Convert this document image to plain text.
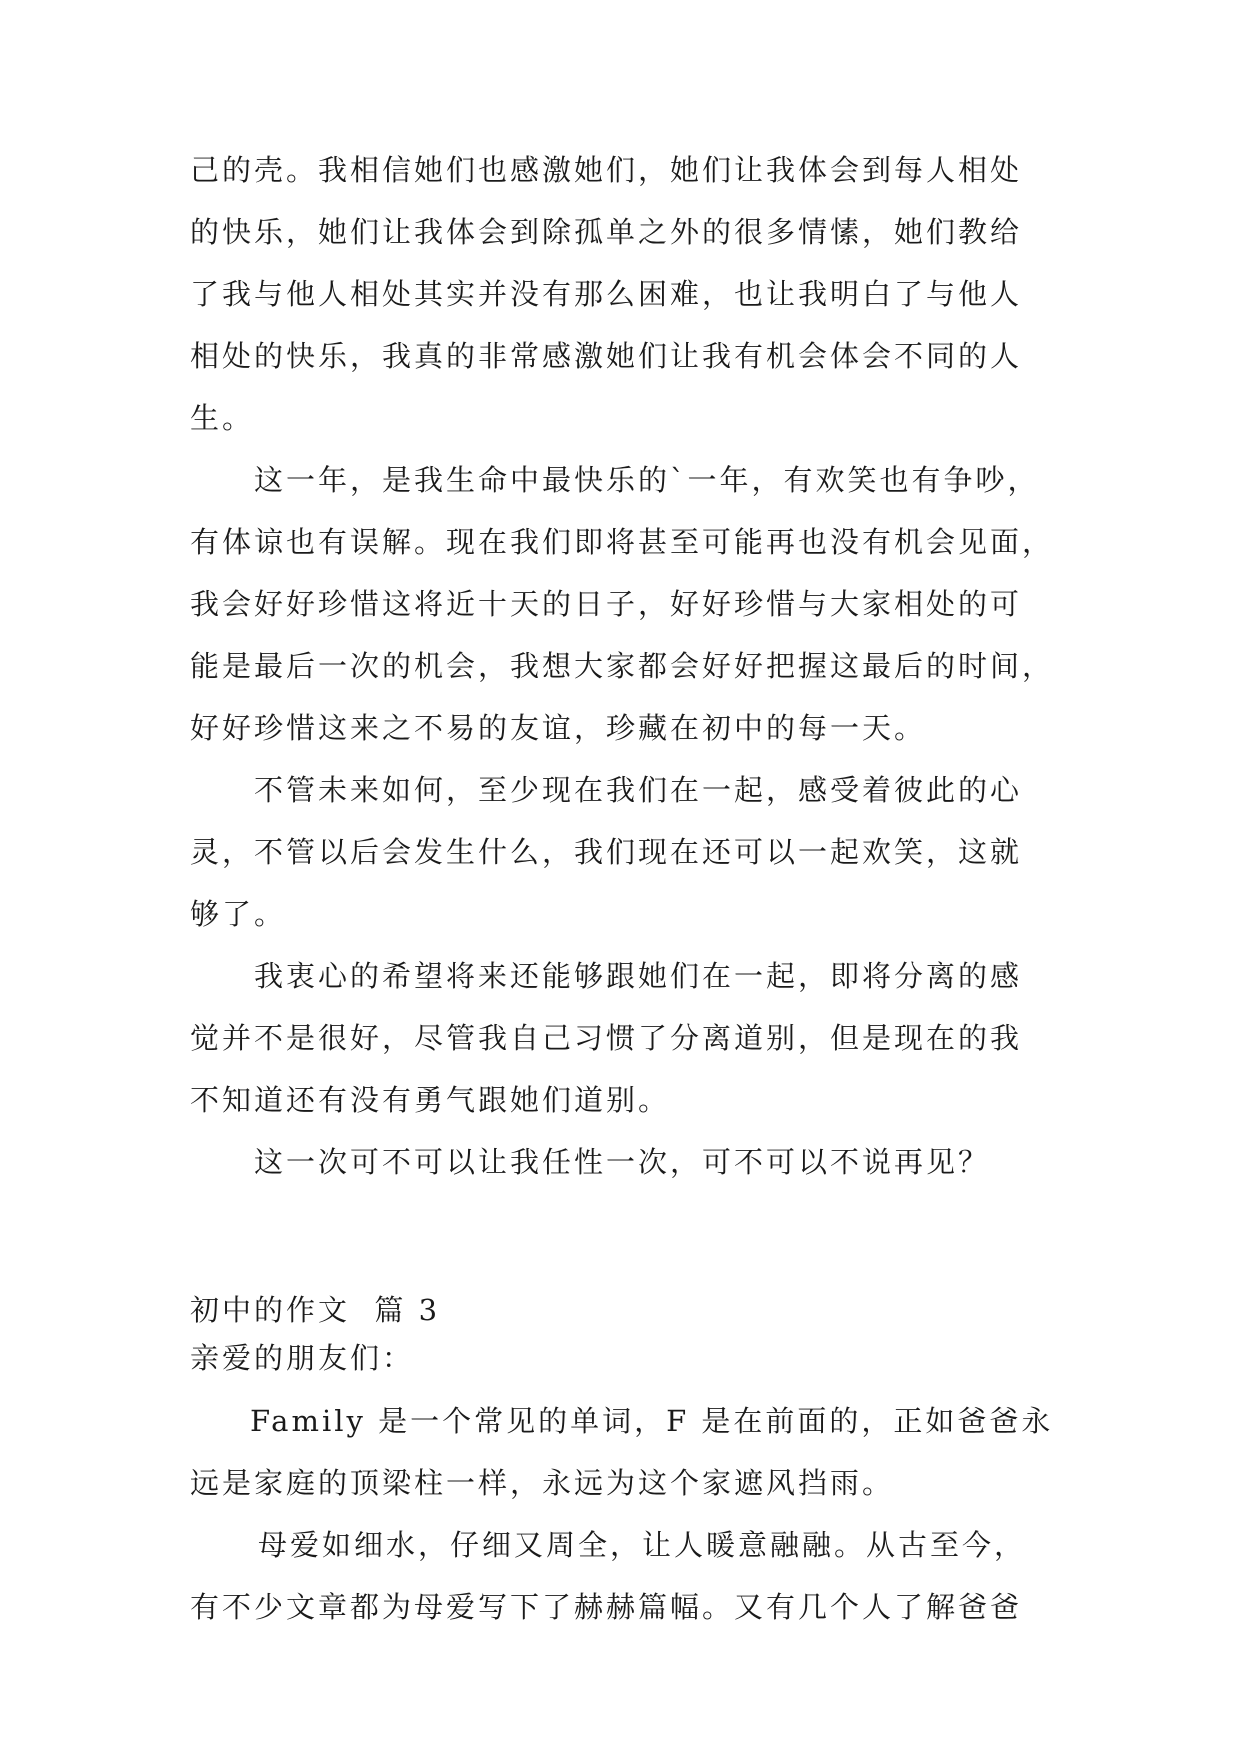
己的壳。我相信她们也感激她们，她们让我体会到每人相处
的快乐，她们让我体会到除孤单之外的很多情愫，她们教给
了我与他人相处其实并没有那么困难，也让我明白了与他人
相处的快乐，我真的非常感激她们让我有机会体会不同的人
生。
这一年，是我生命中最快乐的`一年，有欢笑也有争吵，
有体谅也有误解。现在我们即将甚至可能再也没有机会见面，
我会好好珍惜这将近十天的日子，好好珍惜与大家相处的可
能是最后一次的机会，我想大家都会好好把握这最后的时间，
好好珍惜这来之不易的友谊，珍藏在初中的每一天。
不管未来如何，至少现在我们在一起，感受着彼此的心
灵，不管以后会发生什么，我们现在还可以一起欢笑，这就
够了。
我衷心的希望将来还能够跟她们在一起，即将分离的感
觉并不是很好，尽管我自己习惯了分离道别，但是现在的我
不知道还有没有勇气跟她们道别。
这一次可不可以让我任性一次，可不可以不说再见？
初中的作文  篇 3
亲爱的朋友们：
Family 是一个常见的单词，F 是在前面的，正如爸爸永
远是家庭的顶梁柱一样，永远为这个家遮风挡雨。
母爱如细水，仔细又周全，让人暖意融融。从古至今，
有不少文章都为母爱写下了赫赫篇幅。又有几个人了解爸爸
